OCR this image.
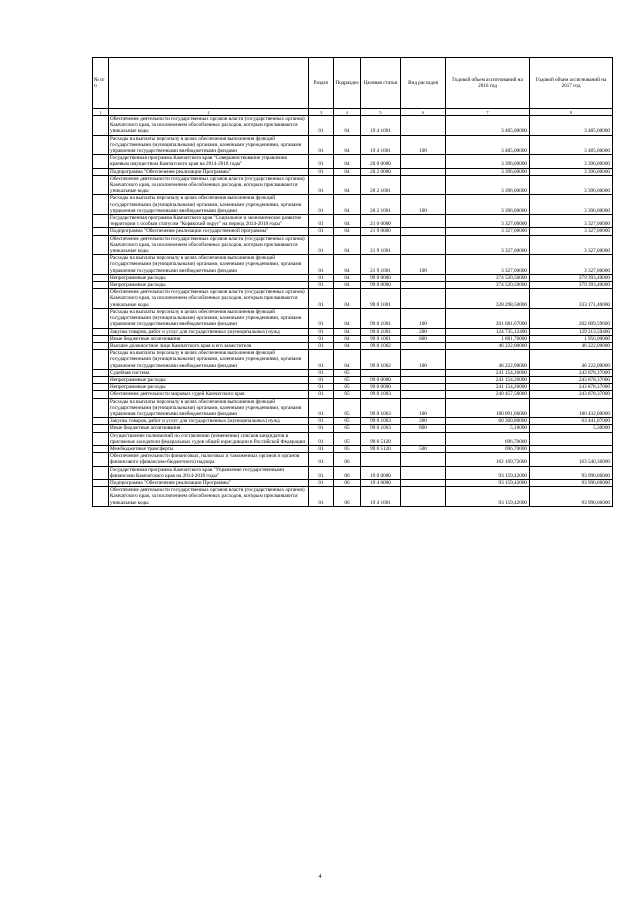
№ п/п		Раздел	Подраздел	Целевая статья	Вид расходов	Годовой объем ассигнований на 2016 год	Годовой объем ассигнований на 2017 год
1	2	3	4	5	6	7	8
	Обеспечение деятельности государственных органов власти (государственных органов) Камчатского края, за исключением обособленных расходов, которым присваиваются уникальные коды	01	04	19 4 1001		3 485,00000	3 485,00000
	Расходы на выплаты персоналу в целях обеспечения выполнения функций государственными (муниципальными) органами, казенными учреждениями, органами управления государственными внебюджетными фондами	01	04	19 4 1001	100	3 485,00000	3 485,00000
	Государственная программа Камчатского края "Совершенствование управления краевым имуществом Камчатского края на 2014-2018 годы"	01	04	20 0 0000		3 396,00000	3 396,00000
	Подпрограмма "Обеспечение реализации Программы"	01	04	20 2 0000		3 396,00000	3 396,00000
	Обеспечение деятельности государственных органов власти (государственных органов) Камчатского края, за исключением обособленных расходов, которым присваиваются уникальные коды	01	04	20 2 1001		3 396,00000	3 396,00000
	Расходы на выплаты персоналу в целях обеспечения выполнения функций государственными (муниципальными) органами, казенными учреждениями, органами управления государственными внебюджетными фондами	01	04	20 2 1001	100	3 396,00000	3 396,00000
	Государственная программа Камчатского края "Социальное и экономическое развитие территории с особым статусом "Корякский округ" на период 2014-2018 годы"	01	04	21 0 0000		3 327,00000	3 327,00000
	Подпрограмма "Обеспечение реализации государственной программы"	01	04	21 9 0000		3 327,00000	3 327,00000
	Обеспечение деятельности государственных органов власти (государственных органов) Камчатского края, за исключением обособленных расходов, которым присваиваются уникальные коды	01	04	21 9 1001		3 327,00000	3 327,00000
	Расходы на выплаты персоналу в целях обеспечения выполнения функций государственными (муниципальными) органами, казенными учреждениями, органами управления государственными внебюджетными фондами	01	04	21 9 1001	100	3 327,00000	3 327,00000
	Непрограммные расходы	01	04	99 0 0000		374 520,50000	379 393,40000
	Непрограммные расходы	01	04	99 0 0000		374 520,50000	379 393,40000
	Обеспечение деятельности государственных органов власти (государственных органов) Камчатского края, за исключением обособленных расходов, которым присваиваются уникальные коды	01	04	99 0 1001		328 298,50000	333 171,40000
	Расходы на выплаты персоналу в целях обеспечения выполнения функций государственными (муниципальными) органами, казенными учреждениями, органами управления государственными внебюджетными фондами	01	04	99 0 1001	100	201 681,67000	202 009,59600
	Закупка товаров, работ и услуг для государственных (муниципальных) нужд	01	04	99 0 1001	200	124 735,12400	129 213,50400
	Иные бюджетные ассигнования	01	04	99 0 1001	800	1 881,70000	1 956,00000
	Высшее должностное лицо Камчатского края и его заместители	01	04	99 0 1002		46 222,00000	46 222,00000
	Расходы на выплаты персоналу в целях обеспечения выполнения функций государственными (муниципальными) органами, казенными учреждениями, органами управления государственными внебюджетными фондами	01	04	99 0 1002	100	46 222,00000	46 222,00000
	Судебная система	01	05			241 154,26000	243 878,37000
	Непрограммные расходы	01	05	99 0 0000		241 154,26000	243 878,37000
	Непрограммные расходы	01	05	99 0 0000		241 154,26000	243 878,37000
	Обеспечение деятельности мировых судей Камчатского края	01	05	99 0 1003		240 457,56000	243 878,37000
	Расходы на выплаты персоналу в целях обеспечения выполнения функций государственными (муниципальными) органами, казенными учреждениями, органами управления государственными внебюджетными фондами	01	05	99 0 1003	100	180 091,66000	180 432,00000
	Закупка товаров, работ и услуг для государственных (муниципальных) нужд	01	05	99 0 1003	200	60 360,80000	63 441,07000
	Иные бюджетные ассигнования	01	05	99 0 1003	800	5,10000	5,30000
	Осуществление полномочий по составлению (изменению) списков кандидатов в присяжные заседатели федеральных судов общей юрисдикции в Российской Федерации	01	05	99 0 5120		696,70000	
	Межбюджетные трансферты	01	05	99 0 5120	500	696,70000	
	Обеспечение деятельности финансовых, налоговых и таможенных органов и органов финансового (финансово-бюджетного) надзора	01	06			162 169,72000	163 540,36000
	Государственная программа Камчатского края "Управление государственными финансами Камчатского края на 2014-2018 годы"	01	06	19 0 0000		93 159,42000	93 990,66000
	Подпрограмма "Обеспечение реализации Программы"	01	06	19 4 0000		93 159,42000	93 990,66000
	Обеспечение деятельности государственных органов власти (государственных органов) Камчатского края, за исключением обособленных расходов, которым присваиваются уникальные коды	01	06	19 4 1001		93 159,42000	93 990,66000
4
